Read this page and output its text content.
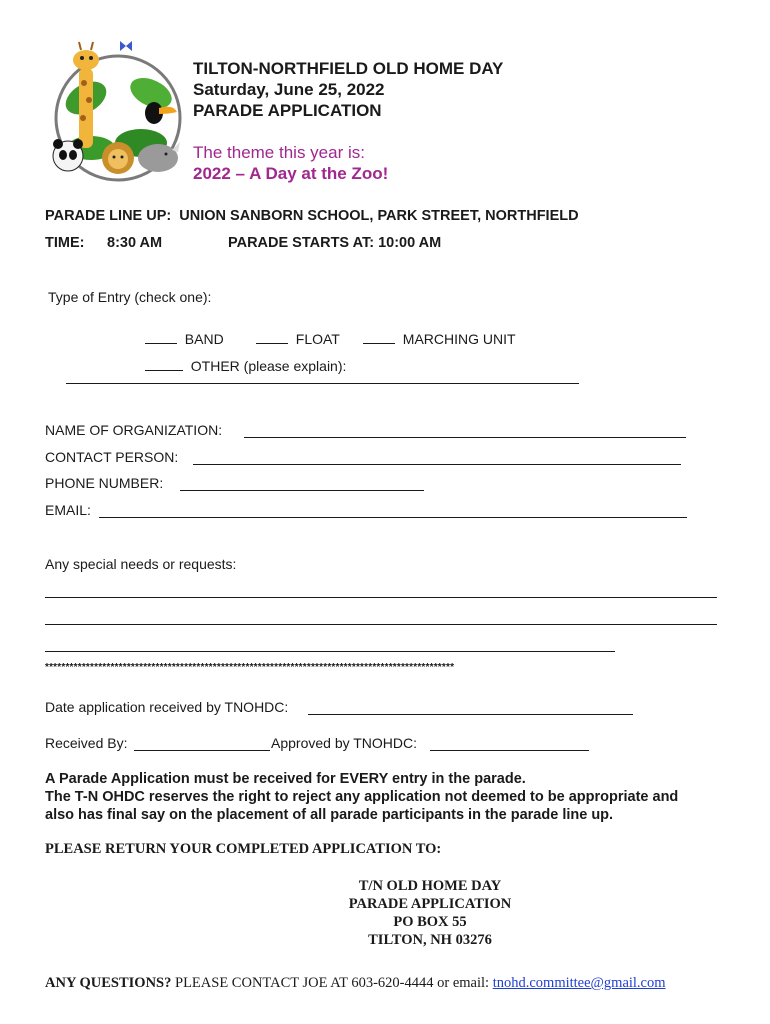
TILTON-NORTHFIELD OLD HOME DAY
Saturday, June 25, 2022
PARADE APPLICATION
The theme this year is:
2022 – A Day at the Zoo!
PARADE LINE UP: UNION SANBORN SCHOOL, PARK STREET, NORTHFIELD
TIME: 8:30 AM	PARADE STARTS AT: 10:00 AM
Type of Entry (check one):

BAND	FLOAT	MARCHING UNIT

OTHER (please explain):

NAME OF ORGANIZATION:
CONTACT PERSON:
PHONE NUMBER:
EMAIL:
Any special needs or requests:
****************************************************************************************************
Date application received by TNOHDC:
Received By:	Approved by TNOHDC:
A Parade Application must be received for EVERY entry in the parade.
The T-N OHDC reserves the right to reject any application not deemed to be appropriate and
also has final say on the placement of all parade participants in the parade line up.
PLEASE RETURN YOUR COMPLETED APPLICATION TO:
T/N OLD HOME DAY
PARADE APPLICATION
PO BOX 55
TILTON, NH 03276
ANY QUESTIONS? PLEASE CONTACT JOE AT 603-620-4444 or email: tnohd.committee@gmail.com
